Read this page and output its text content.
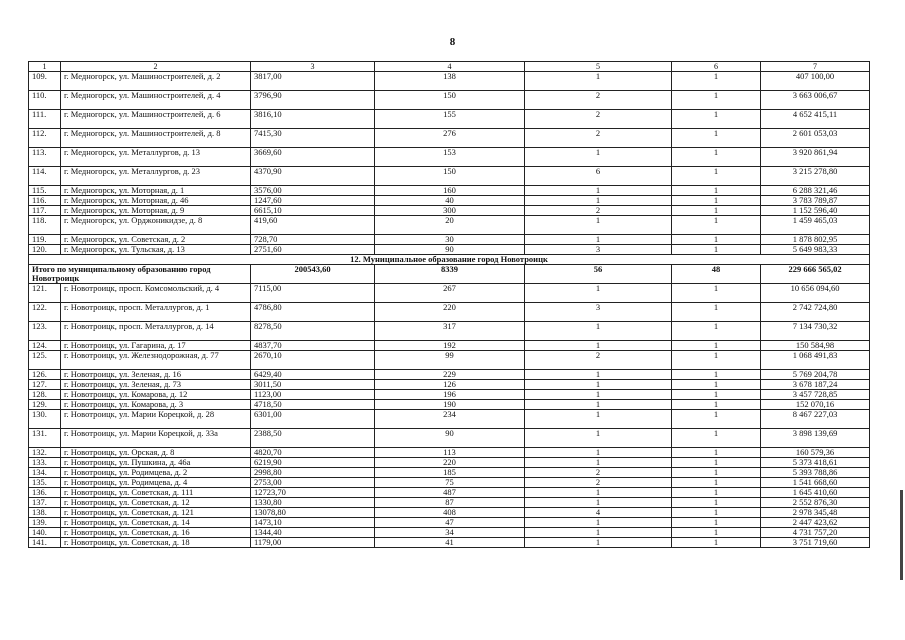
8
1	2	3	4	5	6	7
109.	г. Медногорск, ул. Машиностроителей, д. 2	3817,00	138	1	1	407 100,00
110.	г. Медногорск, ул. Машиностроителей, д. 4	3796,90	150	2	1	3 663 006,67
111.	г. Медногорск, ул. Машиностроителей, д. 6	3816,10	155	2	1	4 652 415,11
112.	г. Медногорск, ул. Машиностроителей, д. 8	7415,30	276	2	1	2 601 053,03
113.	г. Медногорск, ул. Металлургов, д. 13	3669,60	153	1	1	3 920 861,94
114.	г. Медногорск, ул. Металлургов, д. 23	4370,90	150	6	1	3 215 278,80
115.	г. Медногорск, ул. Моторная, д. 1	3576,00	160	1	1	6 288 321,46
116.	г. Медногорск, ул. Моторная, д. 46	1247,60	40	1	1	3 783 789,87
117.	г. Медногорск, ул. Моторная, д. 9	6615,10	300	2	1	1 152 596,40
118.	г. Медногорск, ул. Орджоникидзе, д. 8	419,60	20	1	1	1 459 465,03
119.	г. Медногорск, ул. Советская, д. 2	728,70	30	1	1	1 878 802,95
120.	г. Медногорск, ул. Тульская, д. 13	2751,60	90	3	1	5 649 983,33
12. Муниципальное образование город Новотроицк						
Итого по муниципальному образованию город Новотроицк		200543,60	8339	56	48	229 666 565,02
121.	г. Новотроицк, просп. Комсомольский, д. 4	7115,00	267	1	1	10 656 094,60
122.	г. Новотроицк, просп. Металлургов, д. 1	4786,80	220	3	1	2 742 724,80
123.	г. Новотроицк, просп. Металлургов, д. 14	8278,50	317	1	1	7 134 730,32
124.	г. Новотроицк, ул. Гагарина, д. 17	4837,70	192	1	1	150 584,98
125.	г. Новотроицк, ул. Железнодорожная, д. 77	2670,10	99	2	1	1 068 491,83
126.	г. Новотроицк, ул. Зеленая, д. 16	6429,40	229	1	1	5 769 204,78
127.	г. Новотроицк, ул. Зеленая, д. 73	3011,50	126	1	1	3 678 187,24
128.	г. Новотроицк, ул. Комарова, д. 12	1123,00	196	1	1	3 457 728,85
129.	г. Новотроицк, ул. Комарова, д. 3	4718,50	190	1	1	152 070,16
130.	г. Новотроицк, ул. Марии Корецкой, д. 28	6301,00	234	1	1	8 467 227,03
131.	г. Новотроицк, ул. Марии Корецкой, д. 33а	2388,50	90	1	1	3 898 139,69
132.	г. Новотроицк, ул. Орская, д. 8	4820,70	113	1	1	160 579,36
133.	г. Новотроицк, ул. Пушкина, д. 46а	6219,90	220	1	1	5 373 418,61
134.	г. Новотроицк, ул. Родимцева, д. 2	2998,80	185	2	1	5 393 788,86
135.	г. Новотроицк, ул. Родимцева, д. 4	2753,00	75	2	1	1 541 668,60
136.	г. Новотроицк, ул. Советская, д. 111	12723,70	487	1	1	1 645 410,60
137.	г. Новотроицк, ул. Советская, д. 12	1330,80	87	1	1	2 552 876,30
138.	г. Новотроицк, ул. Советская, д. 121	13078,80	408	4	1	2 978 345,48
139.	г. Новотроицк, ул. Советская, д. 14	1473,10	47	1	1	2 447 423,62
140.	г. Новотроицк, ул. Советская, д. 16	1344,40	34	1	1	4 731 757,20
141.	г. Новотроицк, ул. Советская, д. 18	1179,00	41	1	1	3 751 719,60
